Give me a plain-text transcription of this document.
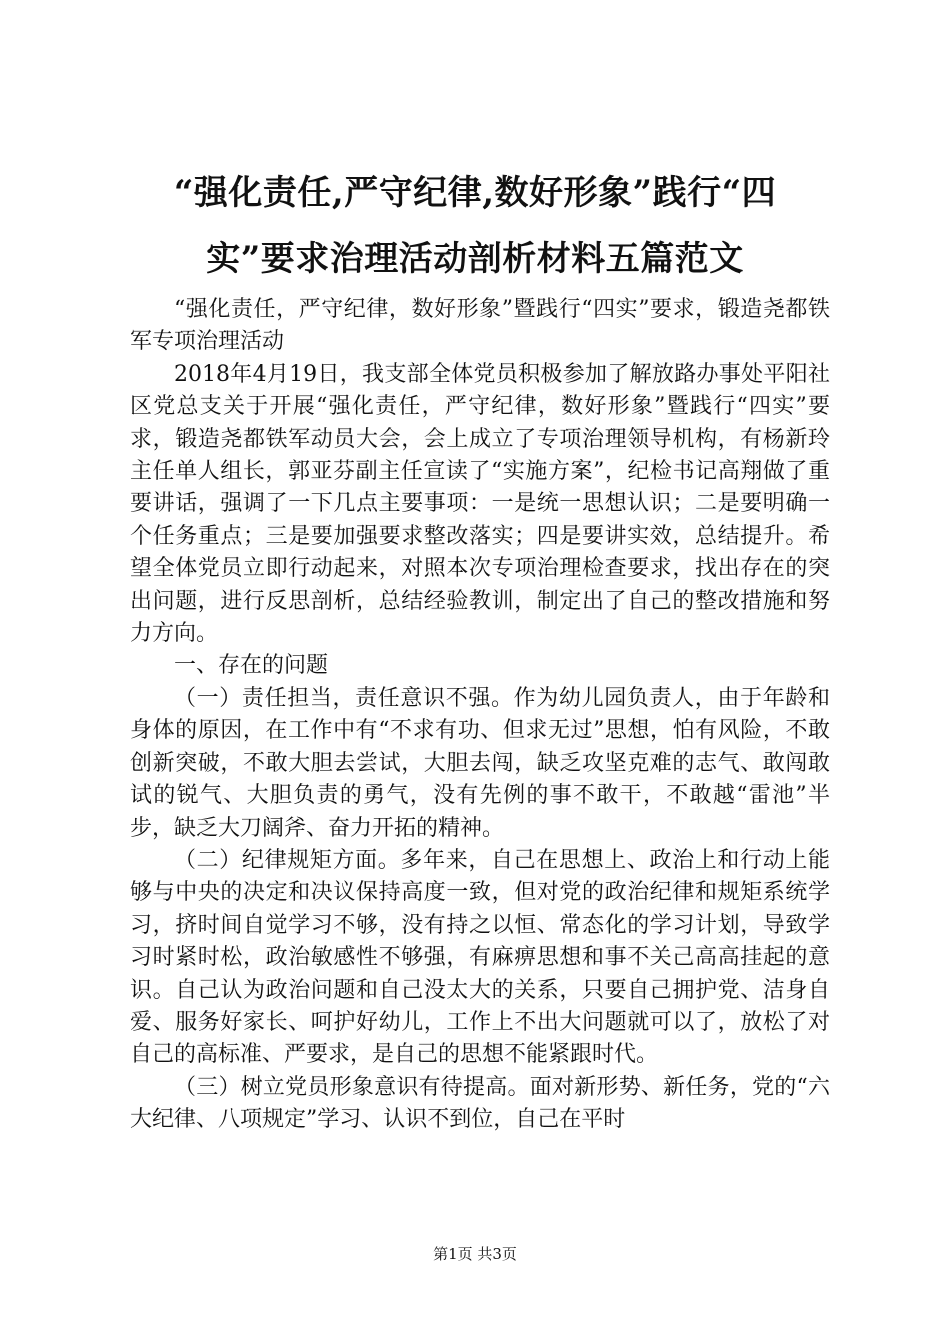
“强化责任,严守纪律,数好形象”践行“四
实”要求治理活动剖析材料五篇范文

“强化责任，严守纪律，数好形象”暨践行“四实”要求，锻造尧都铁军专项治理活动

2018年4月19日，我支部全体党员积极参加了解放路办事处平阳社区党总支关于开展“强化责任，严守纪律，数好形象”暨践行“四实”要求，锻造尧都铁军动员大会，会上成立了专项治理领导机构，有杨新玲主任单人组长，郭亚芬副主任宣读了“实施方案”，纪检书记高翔做了重要讲话，强调了一下几点主要事项：一是统一思想认识；二是要明确一个任务重点；三是要加强要求整改落实；四是要讲实效，总结提升。希望全体党员立即行动起来，对照本次专项治理检查要求，找出存在的突出问题，进行反思剖析，总结经验教训，制定出了自己的整改措施和努力方向。

一、存在的问题

（一）责任担当，责任意识不强。作为幼儿园负责人，由于年龄和身体的原因，在工作中有“不求有功、但求无过”思想，怕有风险，不敢创新突破，不敢大胆去尝试，大胆去闯，缺乏攻坚克难的志气、敢闯敢试的锐气、大胆负责的勇气，没有先例的事不敢干，不敢越“雷池”半步，缺乏大刀阔斧、奋力开拓的精神。

（二）纪律规矩方面。多年来，自己在思想上、政治上和行动上能够与中央的决定和决议保持高度一致，但对党的政治纪律和规矩系统学习，挤时间自觉学习不够，没有持之以恒、常态化的学习计划，导致学习时紧时松，政治敏感性不够强，有麻痹思想和事不关己高高挂起的意识。自己认为政治问题和自己没太大的关系，只要自己拥护党、洁身自爱、服务好家长、呵护好幼儿，工作上不出大问题就可以了，放松了对自己的高标准、严要求，是自己的思想不能紧跟时代。

（三）树立党员形象意识有待提高。面对新形势、新任务，党的“六大纪律、八项规定”学习、认识不到位，自己在平时

第1页 共3页
